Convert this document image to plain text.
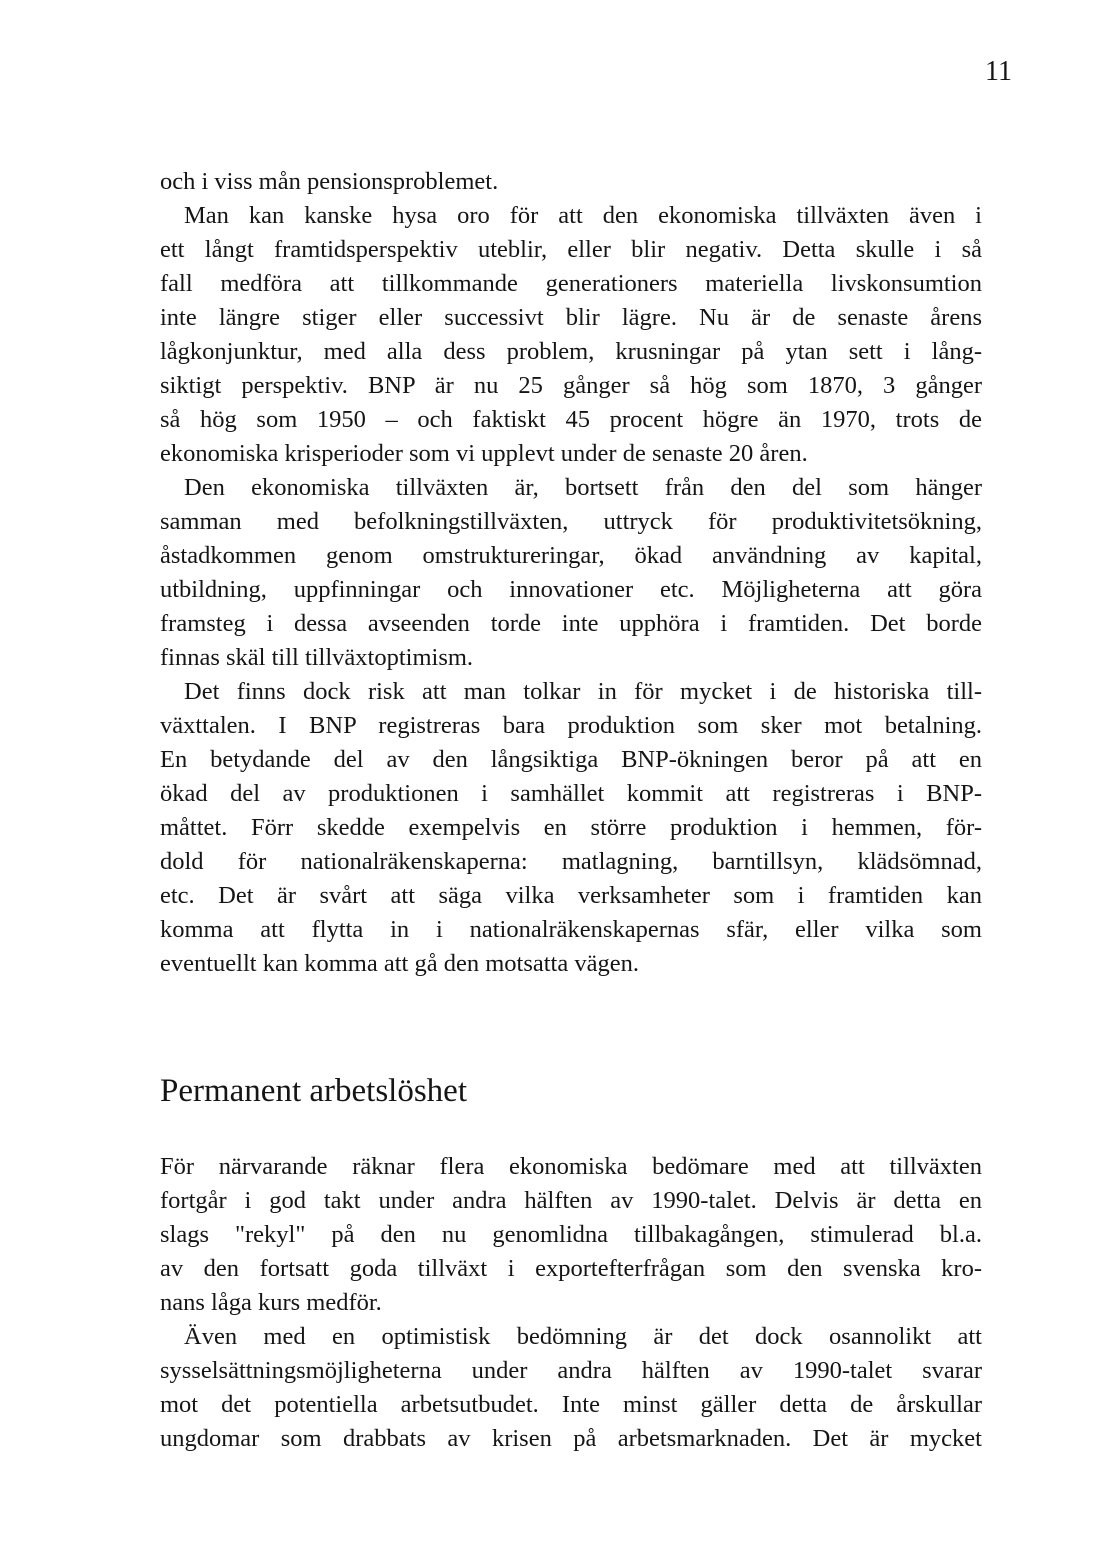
11
och i viss mån pensionsproblemet.
Man kan kanske hysa oro för att den ekonomiska tillväxten även i
ett långt framtidsperspektiv uteblir, eller blir negativ. Detta skulle i så
fall medföra att tillkommande generationers materiella livskonsumtion
inte längre stiger eller successivt blir lägre. Nu är de senaste årens
lågkonjunktur, med alla dess problem, krusningar på ytan sett i lång-
siktigt perspektiv. BNP är nu 25 gånger så hög som 1870, 3 gånger
så hög som 1950 – och faktiskt 45 procent högre än 1970, trots de
ekonomiska krisperioder som vi upplevt under de senaste 20 åren.
Den ekonomiska tillväxten är, bortsett från den del som hänger
samman med befolkningstillväxten, uttryck för produktivitetsökning,
åstadkommen genom omstruktureringar, ökad användning av kapital,
utbildning, uppfinningar och innovationer etc. Möjligheterna att göra
framsteg i dessa avseenden torde inte upphöra i framtiden. Det borde
finnas skäl till tillväxtoptimism.
Det finns dock risk att man tolkar in för mycket i de historiska till-
växttalen. I BNP registreras bara produktion som sker mot betalning.
En betydande del av den långsiktiga BNP-ökningen beror på att en
ökad del av produktionen i samhället kommit att registreras i BNP-
måttet. Förr skedde exempelvis en större produktion i hemmen, för-
dold för nationalräkenskaperna: matlagning, barntillsyn, klädsömnad,
etc. Det är svårt att säga vilka verksamheter som i framtiden kan
komma att flytta in i nationalräkenskapernas sfär, eller vilka som
eventuellt kan komma att gå den motsatta vägen.
Permanent arbetslöshet
För närvarande räknar flera ekonomiska bedömare med att tillväxten
fortgår i god takt under andra hälften av 1990-talet. Delvis är detta en
slags "rekyl" på den nu genomlidna tillbakagången, stimulerad bl.a.
av den fortsatt goda tillväxt i exportefterfrågan som den svenska kro-
nans låga kurs medför.
Även med en optimistisk bedömning är det dock osannolikt att
sysselsättningsmöjligheterna under andra hälften av 1990-talet svarar
mot det potentiella arbetsutbudet. Inte minst gäller detta de årskullar
ungdomar som drabbats av krisen på arbetsmarknaden. Det är mycket
